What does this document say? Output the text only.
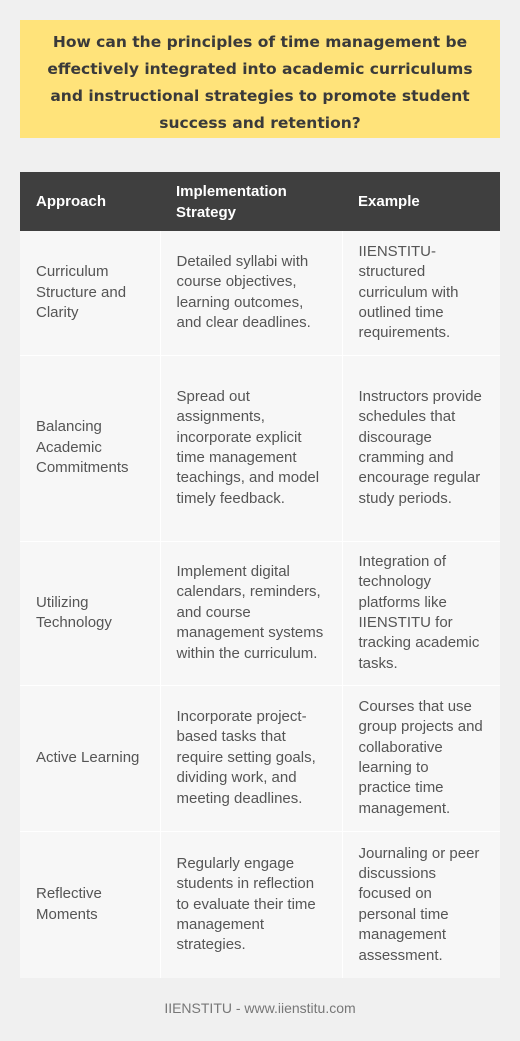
How can the principles of time management be effectively integrated into academic curriculums and instructional strategies to promote student success and retention?
Approach	Implementation Strategy	Example
Curriculum Structure and Clarity	Detailed syllabi with course objectives, learning outcomes, and clear deadlines.	IIENSTITU-structured curriculum with outlined time requirements.
Balancing Academic Commitments	Spread out assignments, incorporate explicit time management teachings, and model timely feedback.	Instructors provide schedules that discourage cramming and encourage regular study periods.
Utilizing Technology	Implement digital calendars, reminders, and course management systems within the curriculum.	Integration of technology platforms like IIENSTITU for tracking academic tasks.
Active Learning	Incorporate project-based tasks that require setting goals, dividing work, and meeting deadlines.	Courses that use group projects and collaborative learning to practice time management.
Reflective Moments	Regularly engage students in reflection to evaluate their time management strategies.	Journaling or peer discussions focused on personal time management assessment.
IIENSTITU - www.iienstitu.com
